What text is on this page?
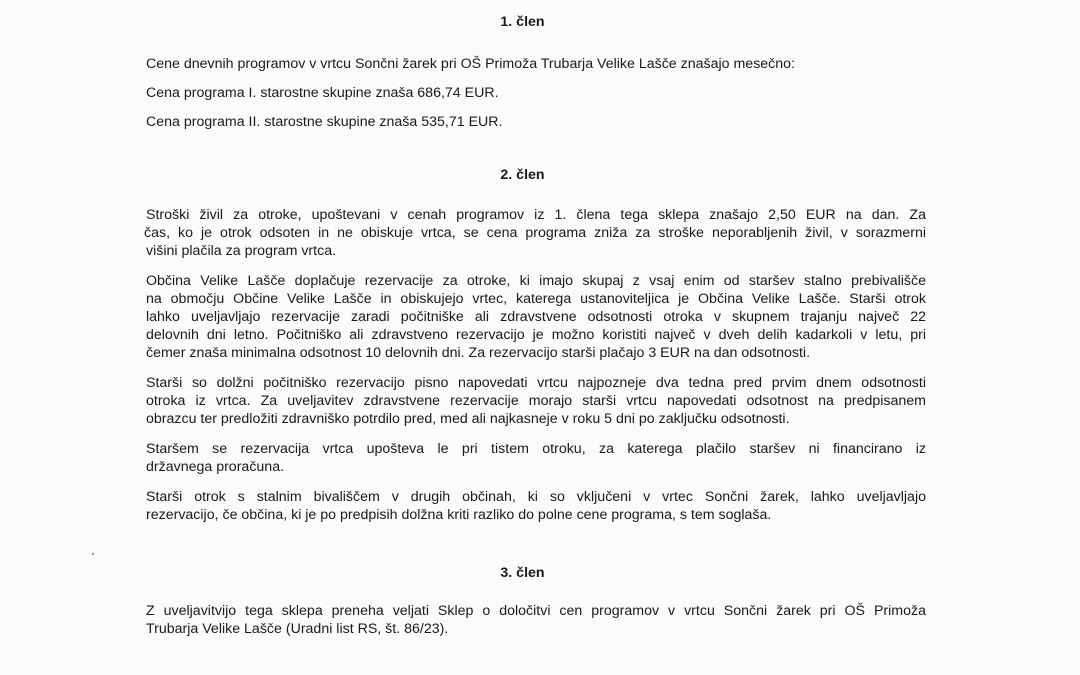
1. člen
Cene dnevnih programov v vrtcu Sončni žarek pri OŠ Primoža Trubarja Velike Lašče znašajo mesečno:
Cena programa I. starostne skupine znaša 686,74 EUR.
Cena programa II. starostne skupine znaša 535,71 EUR.
2. člen
Stroški živil za otroke, upoštevani v cenah programov iz 1. člena tega sklepa znašajo 2,50 EUR na dan. Za
čas, ko je otrok odsoten in ne obiskuje vrtca, se cena programa zniža za stroške neporabljenih živil, v sorazmerni
višini plačila za program vrtca.
Občina Velike Lašče doplačuje rezervacije za otroke, ki imajo skupaj z vsaj enim od staršev stalno prebivališče
na območju Občine Velike Lašče in obiskujejo vrtec, katerega ustanoviteljica je Občina Velike Lašče. Starši otrok
lahko uveljavljajo rezervacije zaradi počitniške ali zdravstvene odsotnosti otroka v skupnem trajanju največ 22
delovnih dni letno. Počitniško ali zdravstveno rezervacijo je možno koristiti največ v dveh delih kadarkoli v letu, pri
čemer znaša minimalna odsotnost 10 delovnih dni. Za rezervacijo starši plačajo 3 EUR na dan odsotnosti.
Starši so dolžni počitniško rezervacijo pisno napovedati vrtcu najpozneje dva tedna pred prvim dnem odsotnosti
otroka iz vrtca. Za uveljavitev zdravstvene rezervacije morajo starši vrtcu napovedati odsotnost na predpisanem
obrazcu ter predložiti zdravniško potrdilo pred, med ali najkasneje v roku 5 dni po zaključku odsotnosti.
Staršem se rezervacija vrtca upošteva le pri tistem otroku, za katerega plačilo staršev ni financirano iz
državnega proračuna.
Starši otrok s stalnim bivališčem v drugih občinah, ki so vključeni v vrtec Sončni žarek, lahko uveljavljajo
rezervacijo, če občina, ki je po predpisih dolžna kriti razliko do polne cene programa, s tem soglaša.
3. člen
Z uveljavitvijo tega sklepa preneha veljati Sklep o določitvi cen programov v vrtcu Sončni žarek pri OŠ Primoža
Trubarja Velike Lašče (Uradni list RS, št. 86/23).
